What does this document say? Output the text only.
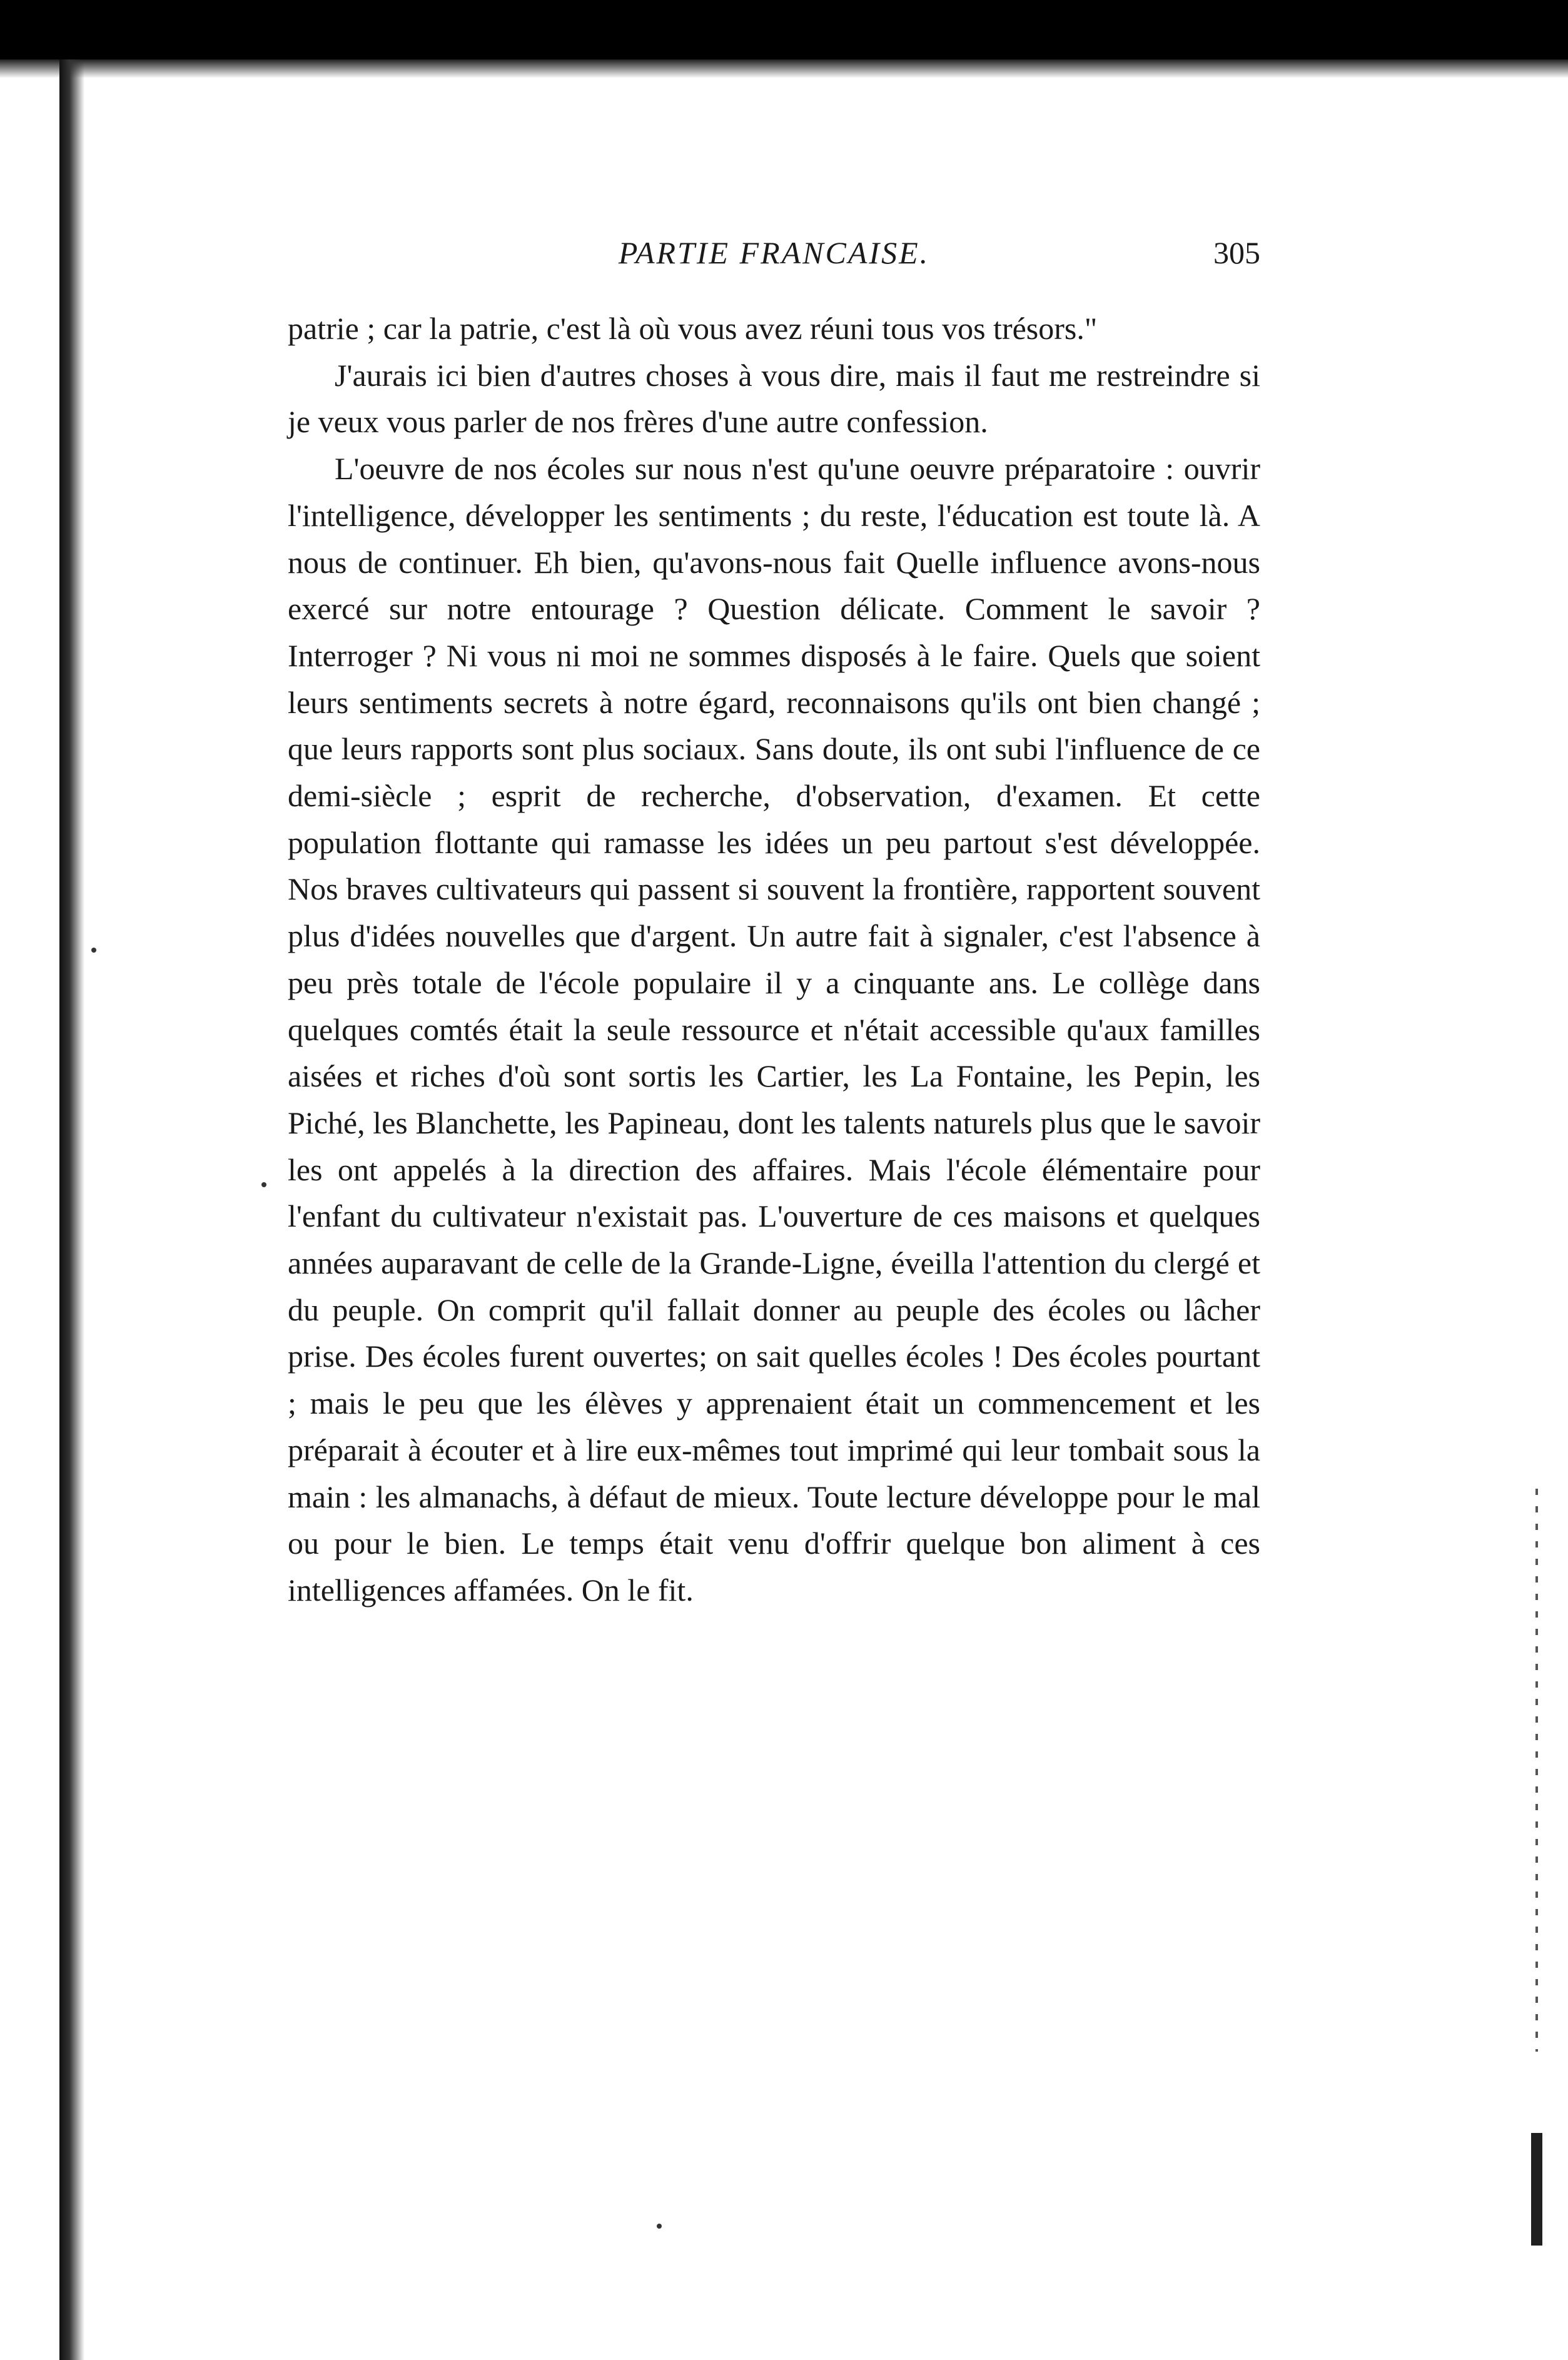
PARTIE FRANCAISE.	305

patrie ; car la patrie, c'est là où vous avez réuni tous vos trésors."

J'aurais ici bien d'autres choses à vous dire, mais il faut me restreindre si je veux vous parler de nos frères d'une autre confession.

L'oeuvre de nos écoles sur nous n'est qu'une oeuvre préparatoire : ouvrir l'intelligence, développer les sentiments ; du reste, l'éducation est toute là. A nous de continuer. Eh bien, qu'avons-nous fait Quelle influence avons-nous exercé sur notre entourage ? Question délicate. Comment le savoir ? Interroger ? Ni vous ni moi ne sommes disposés à le faire. Quels que soient leurs sentiments secrets à notre égard, reconnaisons qu'ils ont bien changé ; que leurs rapports sont plus sociaux. Sans doute, ils ont subi l'influence de ce demi-siècle ; esprit de recherche, d'observation, d'examen. Et cette population flottante qui ramasse les idées un peu partout s'est développée. Nos braves cultivateurs qui passent si souvent la frontière, rapportent souvent plus d'idées nouvelles que d'argent. Un autre fait à signaler, c'est l'absence à peu près totale de l'école populaire il y a cinquante ans. Le collège dans quelques comtés était la seule ressource et n'était accessible qu'aux familles aisées et riches d'où sont sortis les Cartier, les La Fontaine, les Pepin, les Piché, les Blanchette, les Papineau, dont les talents naturels plus que le savoir les ont appelés à la direction des affaires. Mais l'école élémentaire pour l'enfant du cultivateur n'existait pas. L'ouverture de ces maisons et quelques années auparavant de celle de la Grande-Ligne, éveilla l'attention du clergé et du peuple. On comprit qu'il fallait donner au peuple des écoles ou lâcher prise. Des écoles furent ouvertes; on sait quelles écoles ! Des écoles pourtant ; mais le peu que les élèves y apprenaient était un commencement et les préparait à écouter et à lire eux-mêmes tout imprimé qui leur tombait sous la main : les almanachs, à défaut de mieux. Toute lecture développe pour le mal ou pour le bien. Le temps était venu d'offrir quelque bon aliment à ces intelligences affamées. On le fit.
